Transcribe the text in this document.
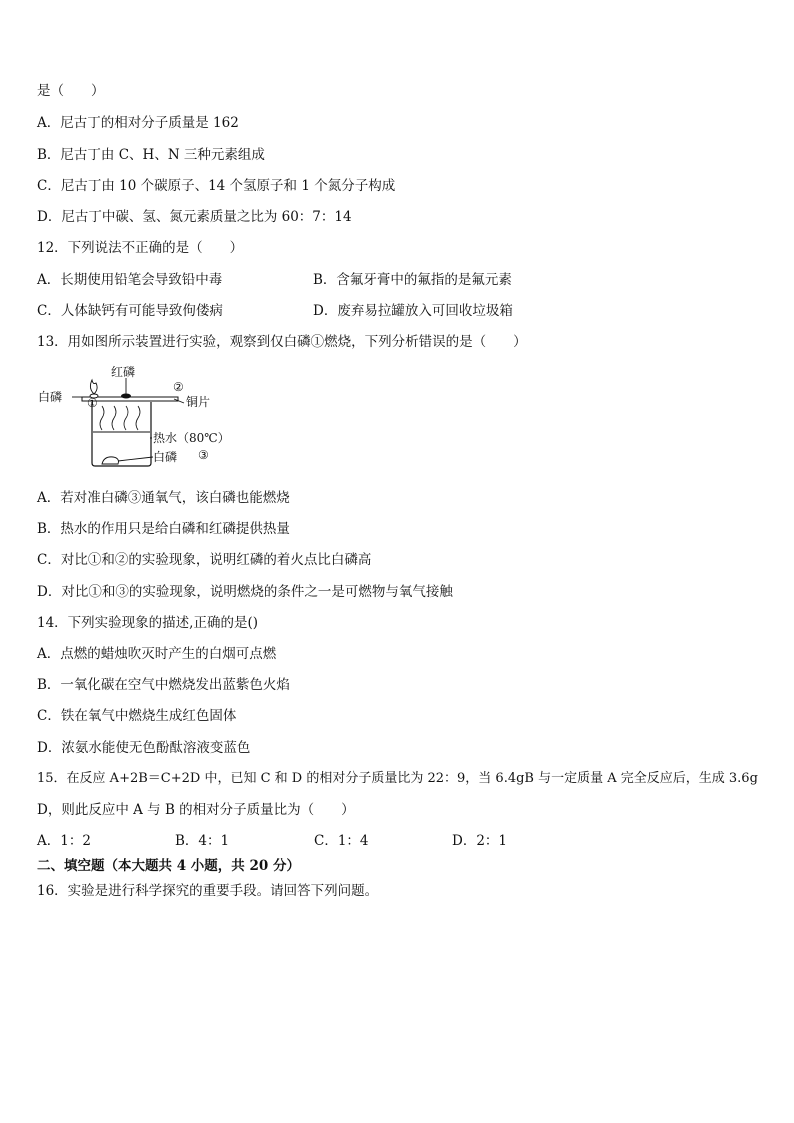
是（　　）
A．尼古丁的相对分子质量是 162
B．尼古丁由 C、H、N 三种元素组成
C．尼古丁由 10 个碳原子、14 个氢原子和 1 个氮分子构成
D．尼古丁中碳、氢、氮元素质量之比为 60：7：14
12．下列说法不正确的是（　　）
A．长期使用铅笔会导致铅中毒	B．含氟牙膏中的氟指的是氟元素
C．人体缺钙有可能导致佝偻病	D．废弃易拉罐放入可回收垃圾箱
13．用如图所示装置进行实验，观察到仅白磷①燃烧，下列分析错误的是（　　）
红磷
白磷 ①
②
铜片
热水（80℃）
白磷 ③
A．若对准白磷③通氧气，该白磷也能燃烧
B．热水的作用只是给白磷和红磷提供热量
C．对比①和②的实验现象，说明红磷的着火点比白磷高
D．对比①和③的实验现象，说明燃烧的条件之一是可燃物与氧气接触
14．下列实验现象的描述,正确的是()
A．点燃的蜡烛吹灭时产生的白烟可点燃
B．一氧化碳在空气中燃烧发出蓝紫色火焰
C．铁在氧气中燃烧生成红色固体
D．浓氨水能使无色酚酞溶液变蓝色
15．在反应 A+2B＝C+2D 中，已知 C 和 D 的相对分子质量比为 22：9，当 6.4gB 与一定质量 A 完全反应后，生成 3.6g
D，则此反应中 A 与 B 的相对分子质量比为（　　）
A．1：2	B．4：1	C．1：4	D．2：1
二、填空题（本大题共 4 小题，共 20 分）
16．实验是进行科学探究的重要手段。请回答下列问题。
